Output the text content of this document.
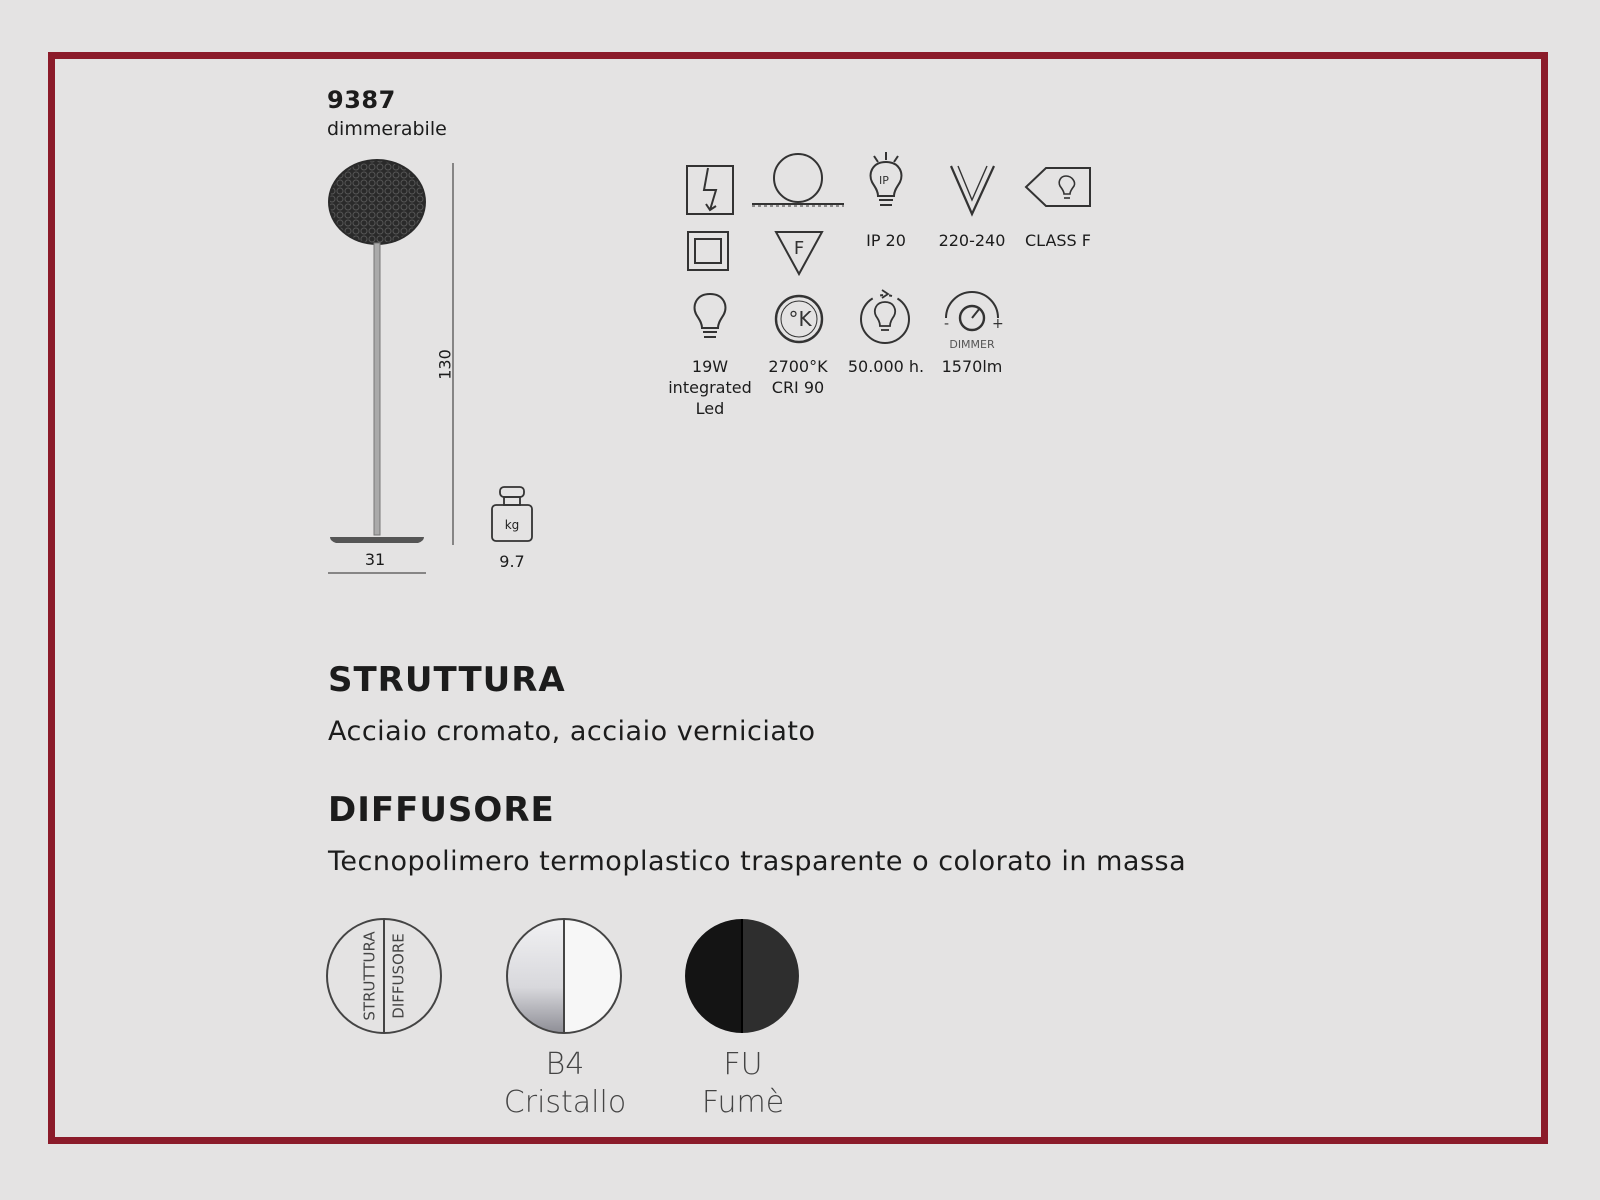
9387
dimmerabile
130
31
kg
9.7
F
IP
IP 20	220-240	CLASS F
°K	-	+
DIMMER
19W
integrated
Led
2700°K
CRI 90
50.000 h.	1570lm
STRUTTURA
Acciaio cromato, acciaio verniciato
DIFFUSORE
Tecnopolimero termoplastico trasparente o colorato in massa
STRUTTURA DIFFUSORE
B4
Cristallo
FU
Fumè
